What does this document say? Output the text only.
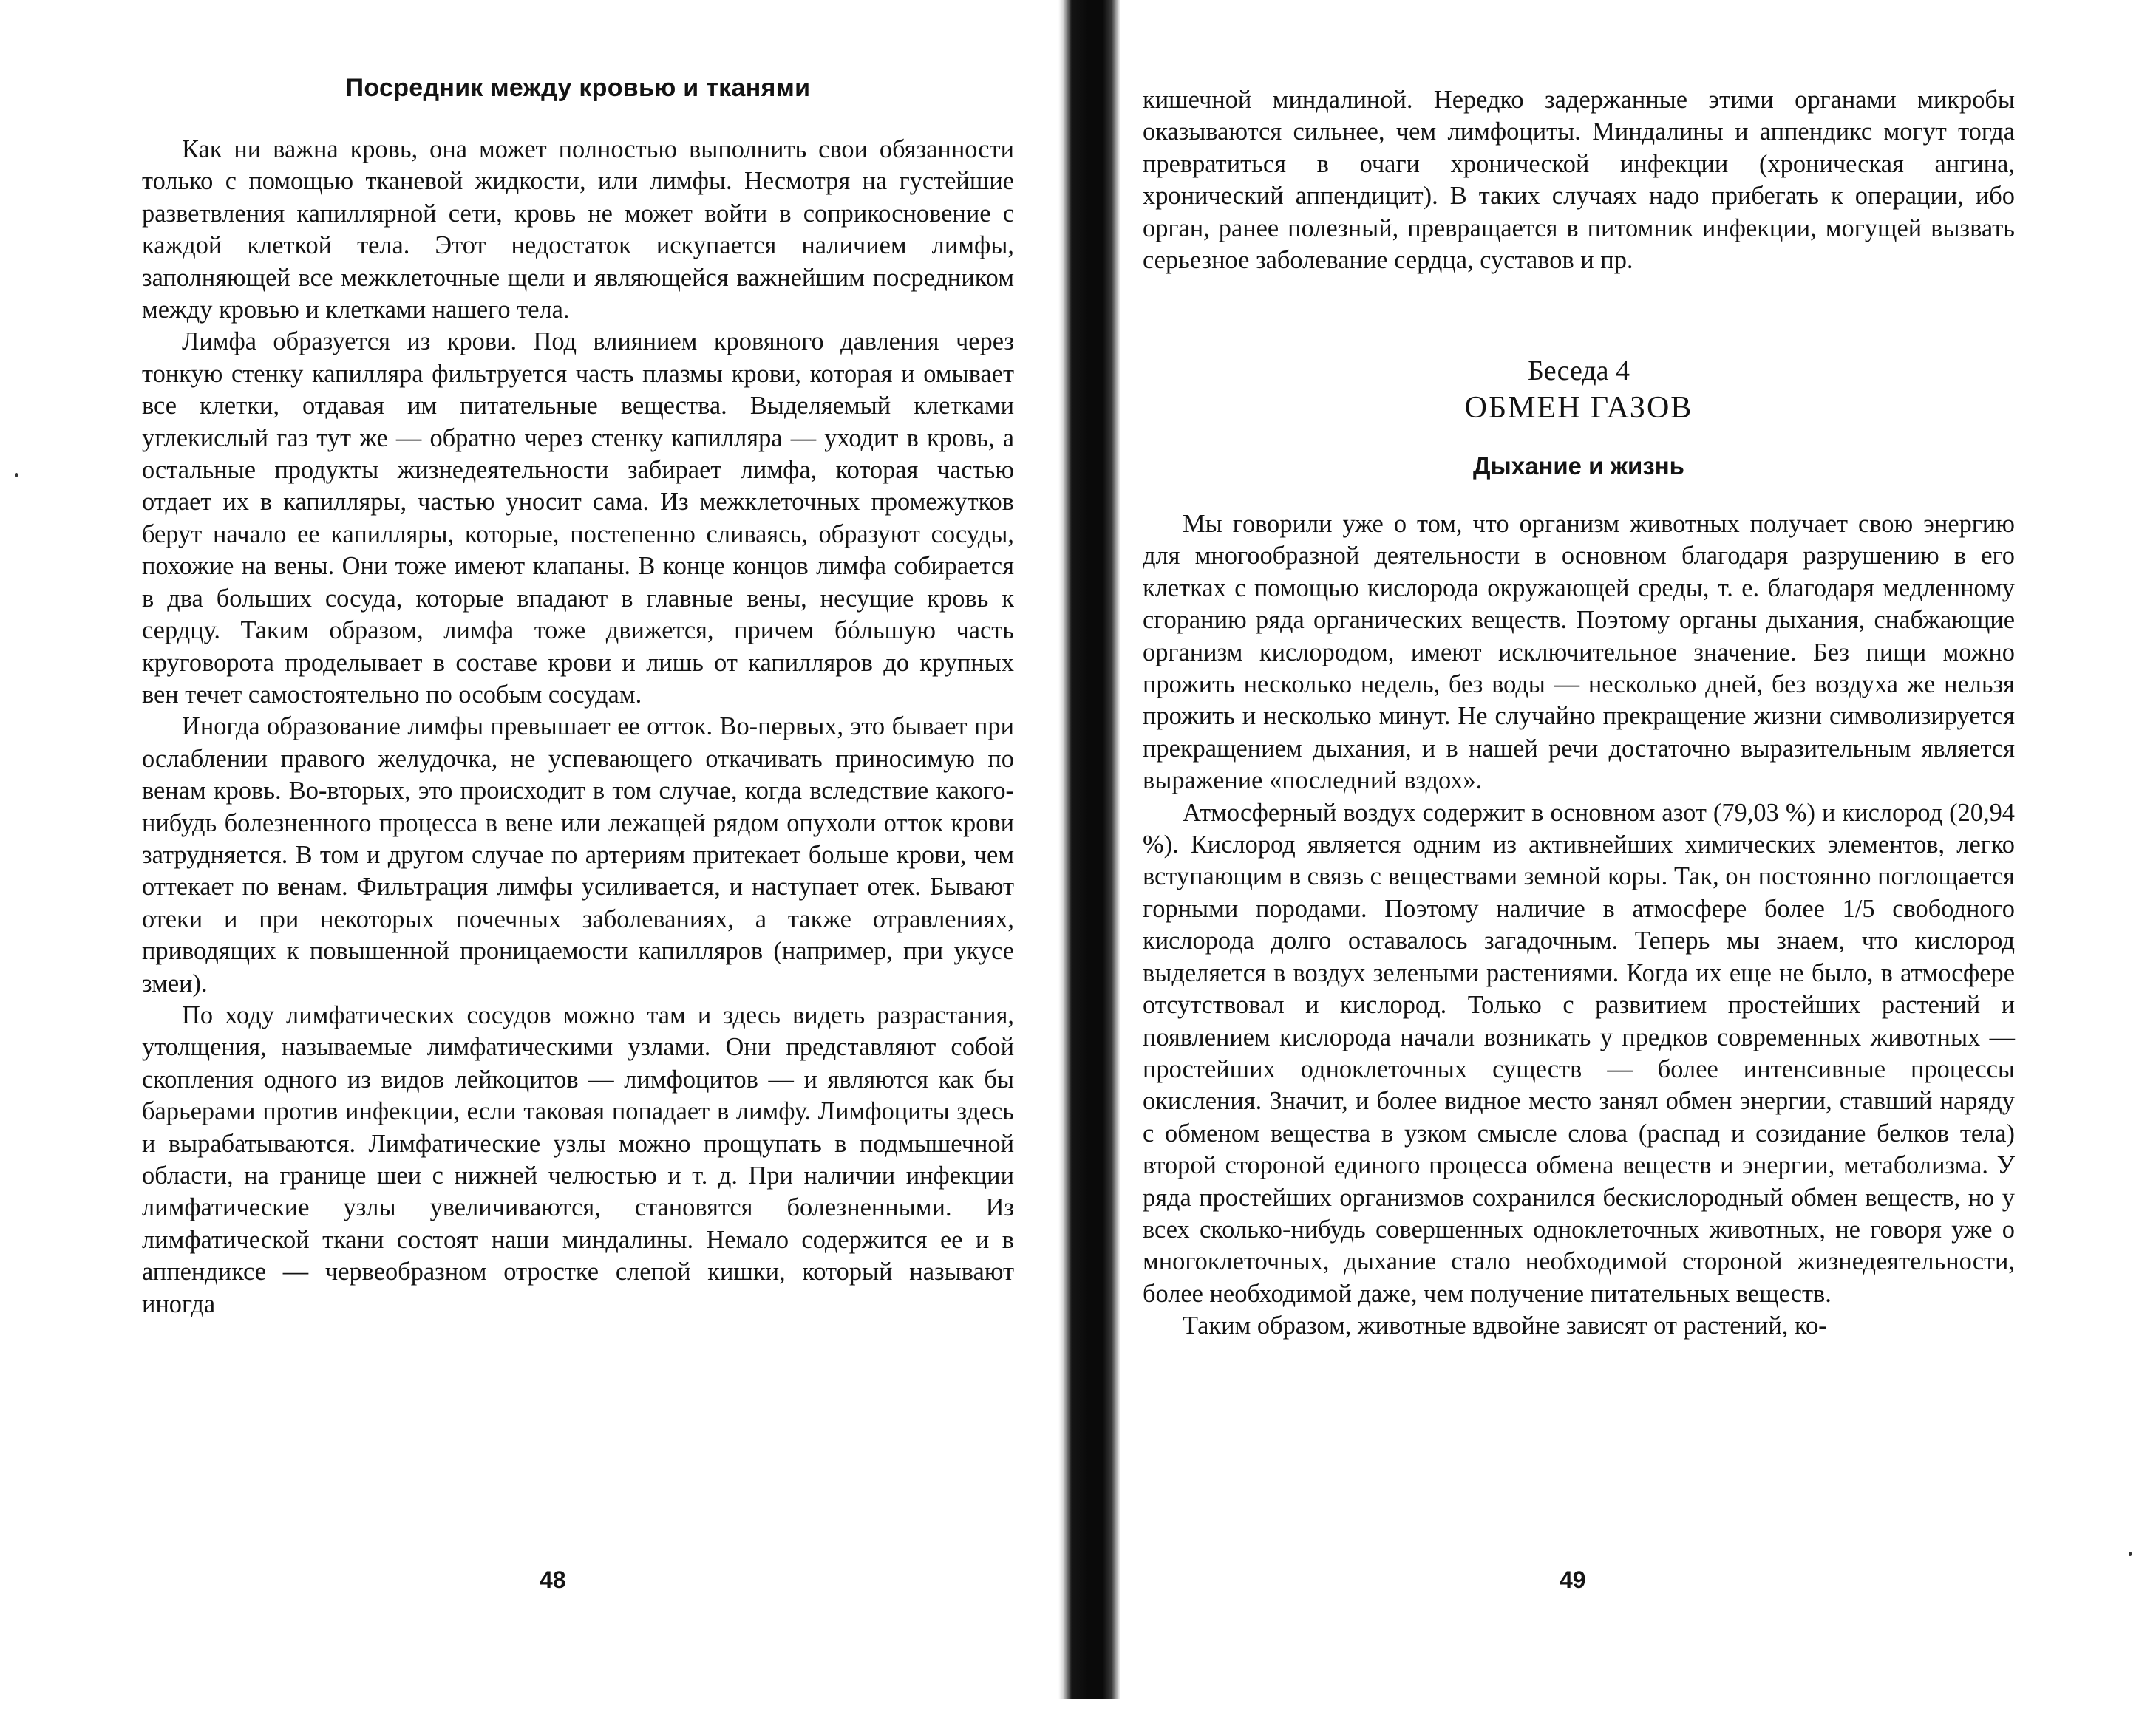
Посредник между кровью и тканями

Как ни важна кровь, она может полностью выполнить свои обязанности только с помощью тканевой жидкости, или лимфы. Несмотря на густейшие разветвления капиллярной сети, кровь не может войти в соприкосновение с каждой клеткой тела. Этот недостаток искупается наличием лимфы, заполняющей все межклеточные щели и являющейся важнейшим посредником между кровью и клетками нашего тела.

Лимфа образуется из крови. Под влиянием кровяного давления через тонкую стенку капилляра фильтруется часть плазмы крови, которая и омывает все клетки, отдавая им питательные вещества. Выделяемый клетками углекислый газ тут же — обратно через стенку капилляра — уходит в кровь, а остальные продукты жизнедеятельности забирает лимфа, которая частью отдает их в капилляры, частью уносит сама. Из межклеточных промежутков берут начало ее капилляры, которые, постепенно сливаясь, образуют сосуды, похожие на вены. Они тоже имеют клапаны. В конце концов лимфа собирается в два больших сосуда, которые впадают в главные вены, несущие кровь к сердцу. Таким образом, лимфа тоже движется, причем бóльшую часть круговорота проделывает в составе крови и лишь от капилляров до крупных вен течет самостоятельно по особым сосудам.

Иногда образование лимфы превышает ее отток. Во-первых, это бывает при ослаблении правого желудочка, не успевающего откачивать приносимую по венам кровь. Во-вторых, это происходит в том случае, когда вследствие какого-нибудь болезненного процесса в вене или лежащей рядом опухоли отток крови затрудняется. В том и другом случае по артериям притекает больше крови, чем оттекает по венам. Фильтрация лимфы усиливается, и наступает отек. Бывают отеки и при некоторых почечных заболеваниях, а также отравлениях, приводящих к повышенной проницаемости капилляров (например, при укусе змеи).

По ходу лимфатических сосудов можно там и здесь видеть разрастания, утолщения, называемые лимфатическими узлами. Они представляют собой скопления одного из видов лейкоцитов — лимфоцитов — и являются как бы барьерами против инфекции, если таковая попадает в лимфу. Лимфоциты здесь и вырабатываются. Лимфатические узлы можно прощупать в подмышечной области, на границе шеи с нижней челюстью и т. д. При наличии инфекции лимфатические узлы увеличиваются, становятся болезненными. Из лимфатической ткани состоят наши миндалины. Немало содержится ее и в аппендиксе — червеобразном отростке слепой кишки, который называют иногда

48

кишечной миндалиной. Нередко задержанные этими органами микробы оказываются сильнее, чем лимфоциты. Миндалины и аппендикс могут тогда превратиться в очаги хронической инфекции (хроническая ангина, хронический аппендицит). В таких случаях надо прибегать к операции, ибо орган, ранее полезный, превращается в питомник инфекции, могущей вызвать серьезное заболевание сердца, суставов и пр.

Беседа 4
ОБМЕН ГАЗОВ
Дыхание и жизнь

Мы говорили уже о том, что организм животных получает свою энергию для многообразной деятельности в основном благодаря разрушению в его клетках с помощью кислорода окружающей среды, т. е. благодаря медленному сгоранию ряда органических веществ. Поэтому органы дыхания, снабжающие организм кислородом, имеют исключительное значение. Без пищи можно прожить несколько недель, без воды — несколько дней, без воздуха же нельзя прожить и несколько минут. Не случайно прекращение жизни символизируется прекращением дыхания, и в нашей речи достаточно выразительным является выражение «последний вздох».

Атмосферный воздух содержит в основном азот (79,03 %) и кислород (20,94 %). Кислород является одним из активнейших химических элементов, легко вступающим в связь с веществами земной коры. Так, он постоянно поглощается горными породами. Поэтому наличие в атмосфере более 1/5 свободного кислорода долго оставалось загадочным. Теперь мы знаем, что кислород выделяется в воздух зелеными растениями. Когда их еще не было, в атмосфере отсутствовал и кислород. Только с развитием простейших растений и появлением кислорода начали возникать у предков современных животных — простейших одноклеточных существ — более интенсивные процессы окисления. Значит, и более видное место занял обмен энергии, ставший наряду с обменом вещества в узком смысле слова (распад и созидание белков тела) второй стороной единого процесса обмена веществ и энергии, метаболизма. У ряда простейших организмов сохранился бескислородный обмен веществ, но у всех сколько-нибудь совершенных одноклеточных животных, не говоря уже о многоклеточных, дыхание стало необходимой стороной жизнедеятельности, более необходимой даже, чем получение питательных веществ.

Таким образом, животные вдвойне зависят от растений, ко-

49
